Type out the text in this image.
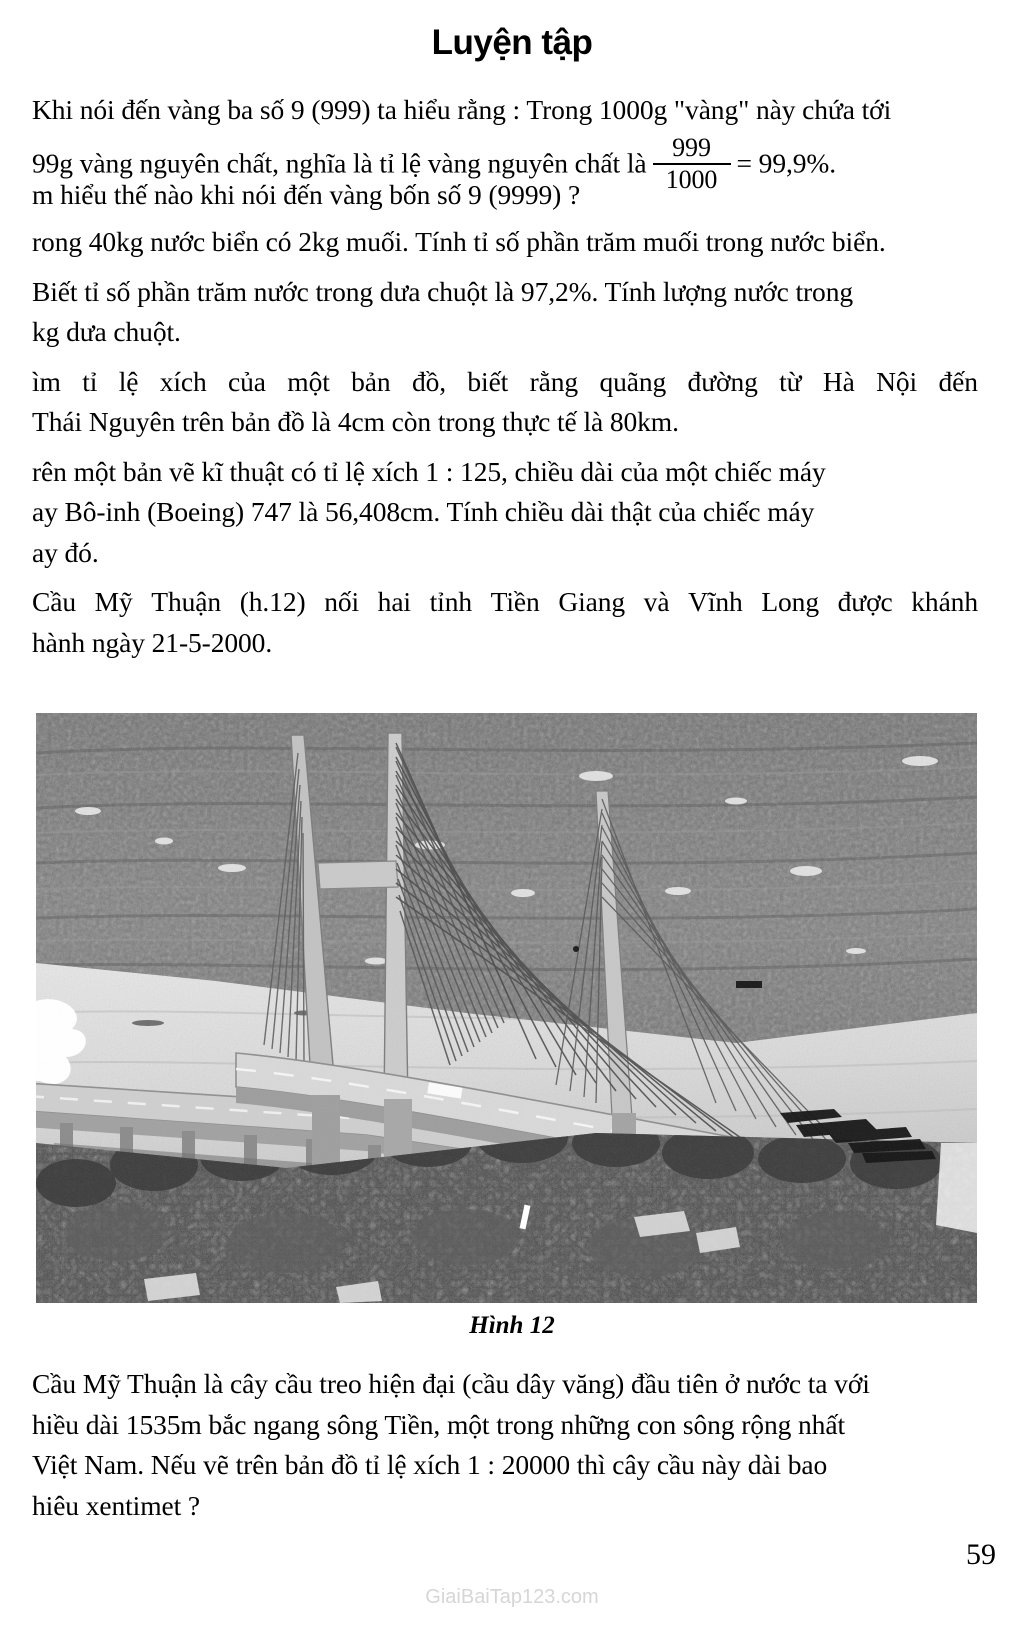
Luyện tập
Khi nói đến vàng ba số 9 (999) ta hiểu rằng : Trong 1000g "vàng" này chứa tới
99g vàng nguyên chất, nghĩa là tỉ lệ vàng nguyên chất là $\frac{999}{1000} = 99,9\%$.
m hiểu thế nào khi nói đến vàng bốn số 9 (9999) ?
rong 40kg nước biển có 2kg muối. Tính tỉ số phần trăm muối trong nước biển.
Biết tỉ số phần trăm nước trong dưa chuột là 97,2%. Tính lượng nước trong
kg dưa chuột.
ìm tỉ lệ xích của một bản đồ, biết rằng quãng đường từ Hà Nội đến
Thái Nguyên trên bản đồ là 4cm còn trong thực tế là 80km.
rên một bản vẽ kĩ thuật có tỉ lệ xích 1 : 125, chiều dài của một chiếc máy
ay Bô-inh (Boeing) 747 là 56,408cm. Tính chiều dài thật của chiếc máy
ay đó.
Cầu Mỹ Thuận (h.12) nối hai tỉnh Tiền Giang và Vĩnh Long được khánh
hành ngày 21-5-2000.
Hình 12
Cầu Mỹ Thuận là cây cầu treo hiện đại (cầu dây văng) đầu tiên ở nước ta với
hiều dài 1535m bắc ngang sông Tiền, một trong những con sông rộng nhất
Việt Nam. Nếu vẽ trên bản đồ tỉ lệ xích 1 : 20000 thì cây cầu này dài bao
hiêu xentimet ?
59
GiaiBaiTap123.com
